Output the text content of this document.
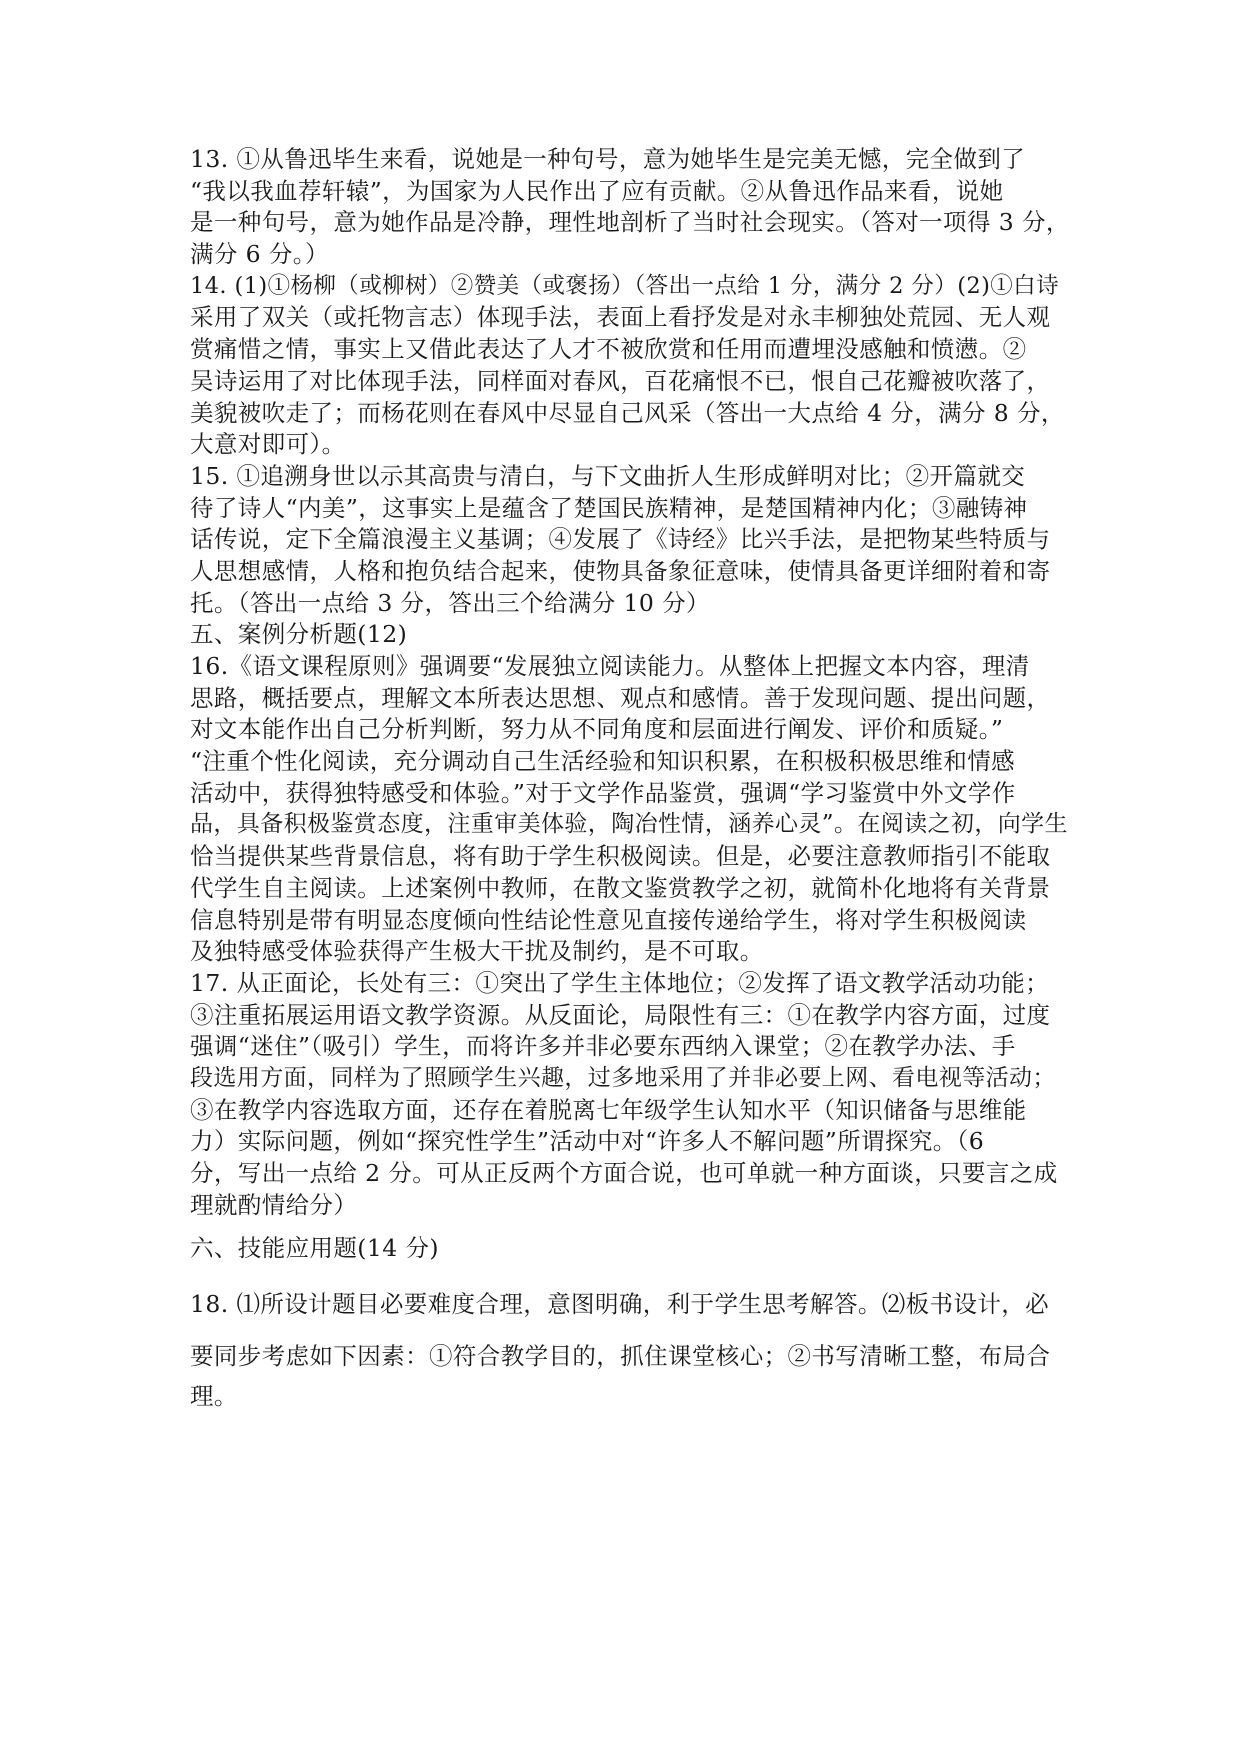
13. ①从鲁迅毕生来看，说她是一种句号，意为她毕生是完美无憾，完全做到了
“我以我血荐轩辕”，为国家为人民作出了应有贡献。②从鲁迅作品来看，说她
是一种句号，意为她作品是冷静，理性地剖析了当时社会现实。（答对一项得 3 分，
满分 6 分。）
14. (1)①杨柳（或柳树）②赞美（或褒扬）（答出一点给 1 分，满分 2 分）(2)①白诗
采用了双关（或托物言志）体现手法，表面上看抒发是对永丰柳独处荒园、无人观
赏痛惜之情，事实上又借此表达了人才不被欣赏和任用而遭埋没感触和愤懑。②
吴诗运用了对比体现手法，同样面对春风，百花痛恨不已，恨自己花瓣被吹落了，
美貌被吹走了；而杨花则在春风中尽显自己风采（答出一大点给 4 分，满分 8 分，
大意对即可）。
15. ①追溯身世以示其高贵与清白，与下文曲折人生形成鲜明对比；②开篇就交
待了诗人“内美”，这事实上是蕴含了楚国民族精神，是楚国精神内化；③融铸神
话传说，定下全篇浪漫主义基调；④发展了《诗经》比兴手法，是把物某些特质与
人思想感情，人格和抱负结合起来，使物具备象征意味，使情具备更详细附着和寄
托。（答出一点给 3 分，答出三个给满分 10 分）
五、案例分析题(12)
16.《语文课程原则》强调要“发展独立阅读能力。从整体上把握文本内容，理清
思路，概括要点，理解文本所表达思想、观点和感情。善于发现问题、提出问题，
对文本能作出自己分析判断，努力从不同角度和层面进行阐发、评价和质疑。”
“注重个性化阅读，充分调动自己生活经验和知识积累，在积极积极思维和情感
活动中，获得独特感受和体验。”对于文学作品鉴赏，强调“学习鉴赏中外文学作
品，具备积极鉴赏态度，注重审美体验，陶冶性情，涵养心灵”。在阅读之初，向学生
恰当提供某些背景信息，将有助于学生积极阅读。但是，必要注意教师指引不能取
代学生自主阅读。上述案例中教师，在散文鉴赏教学之初，就简朴化地将有关背景
信息特别是带有明显态度倾向性结论性意见直接传递给学生，将对学生积极阅读
及独特感受体验获得产生极大干扰及制约，是不可取。
17. 从正面论，长处有三：①突出了学生主体地位；②发挥了语文教学活动功能；
③注重拓展运用语文教学资源。从反面论，局限性有三：①在教学内容方面，过度
强调“迷住”（吸引）学生，而将许多并非必要东西纳入课堂；②在教学办法、手
段选用方面，同样为了照顾学生兴趣，过多地采用了并非必要上网、看电视等活动；
③在教学内容选取方面，还存在着脱离七年级学生认知水平（知识储备与思维能
力）实际问题，例如“探究性学生”活动中对“许多人不解问题”所谓探究。（6
分，写出一点给 2 分。可从正反两个方面合说，也可单就一种方面谈，只要言之成
理就酌情给分）
六、技能应用题(14 分)
18. ⑴所设计题目必要难度合理，意图明确，利于学生思考解答。⑵板书设计，必
要同步考虑如下因素：①符合教学目的，抓住课堂核心；②书写清晰工整，布局合
理。
